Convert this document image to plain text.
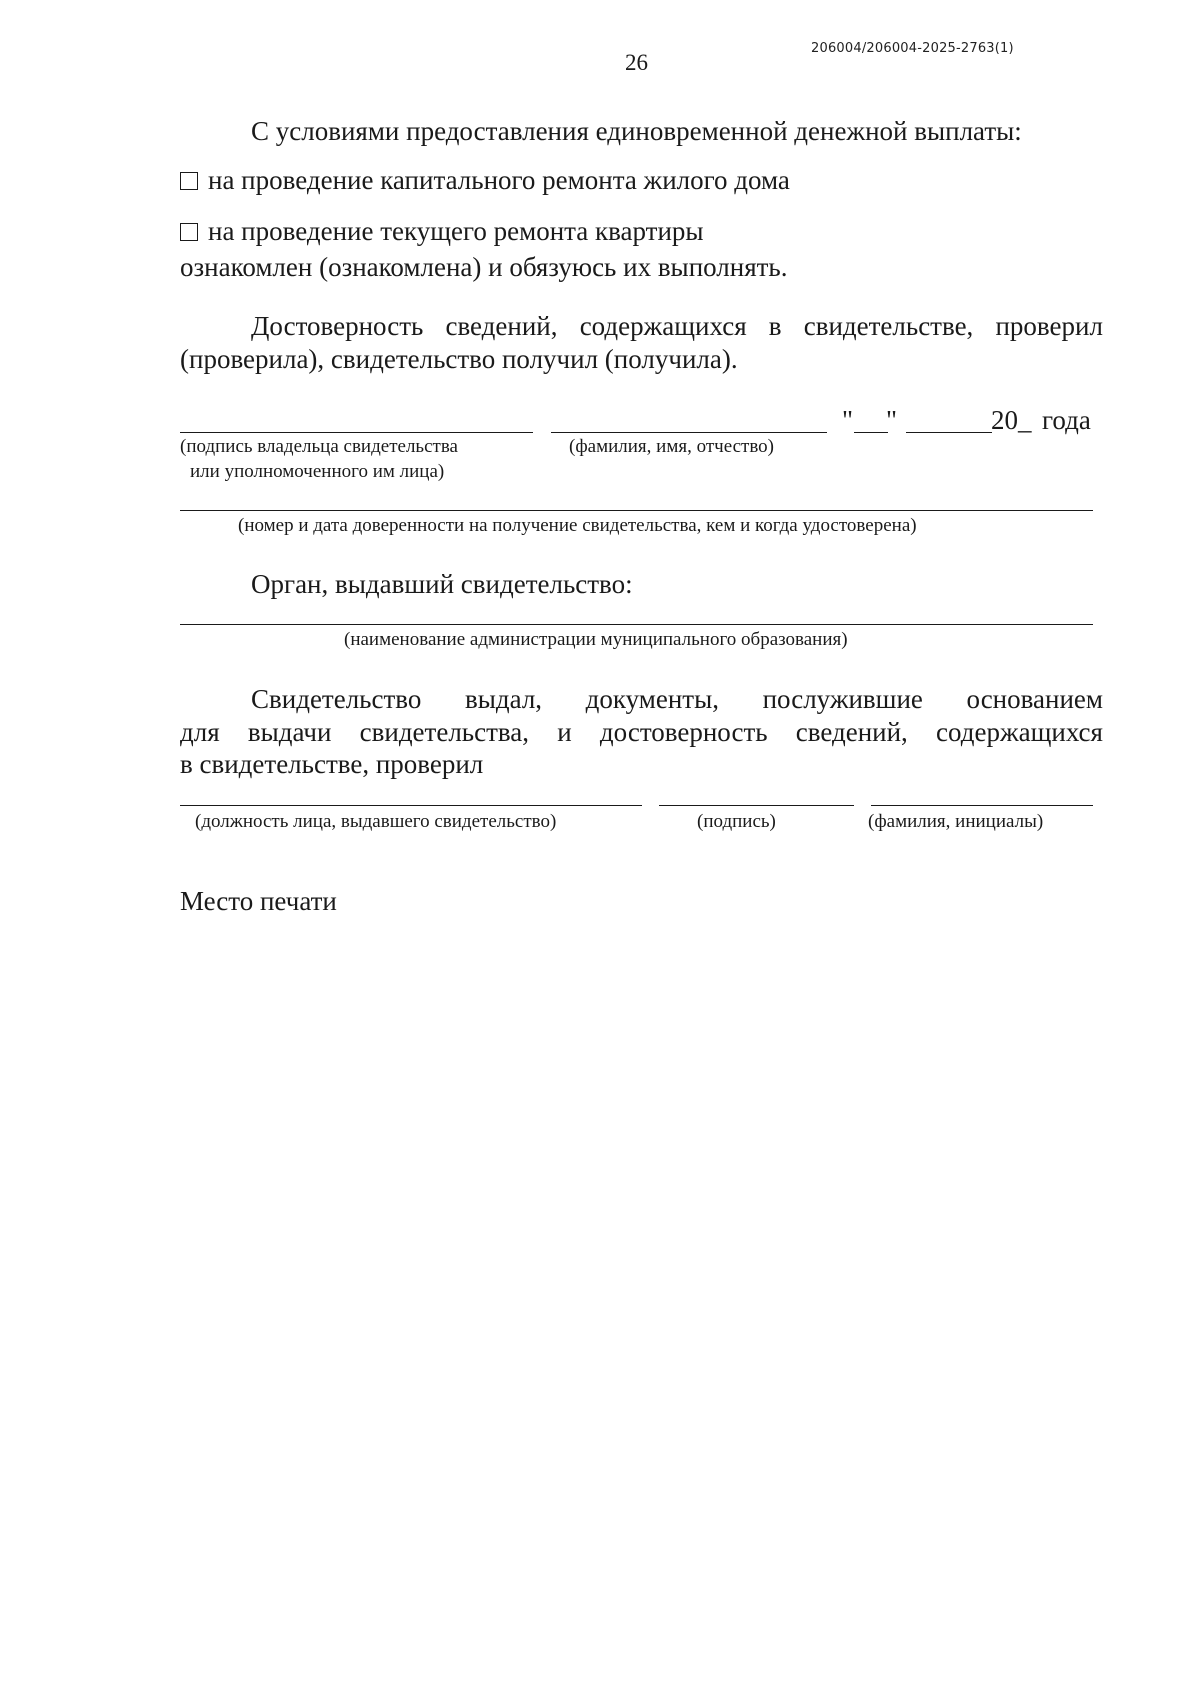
206004/206004-2025-2763(1)
26
С условиями предоставления единовременной денежной выплаты:
на проведение капитального ремонта жилого дома
на проведение текущего ремонта квартиры
ознакомлен (ознакомлена) и обязуюсь их выполнять.
Достоверность сведений, содержащихся в свидетельстве, проверил
(проверила), свидетельство получил (получила).
" "	20_ года
(подпись владельца свидетельства
или уполномоченного им лица)
(фамилия, имя, отчество)
(номер и дата доверенности на получение свидетельства, кем и когда удостоверена)
Орган, выдавший свидетельство:
(наименование администрации муниципального образования)
Свидетельство выдал, документы, послужившие основанием
для выдачи свидетельства, и достоверность сведений, содержащихся
в свидетельстве, проверил
(должность лица, выдавшего свидетельство)	(подпись)	(фамилия, инициалы)
Место печати
